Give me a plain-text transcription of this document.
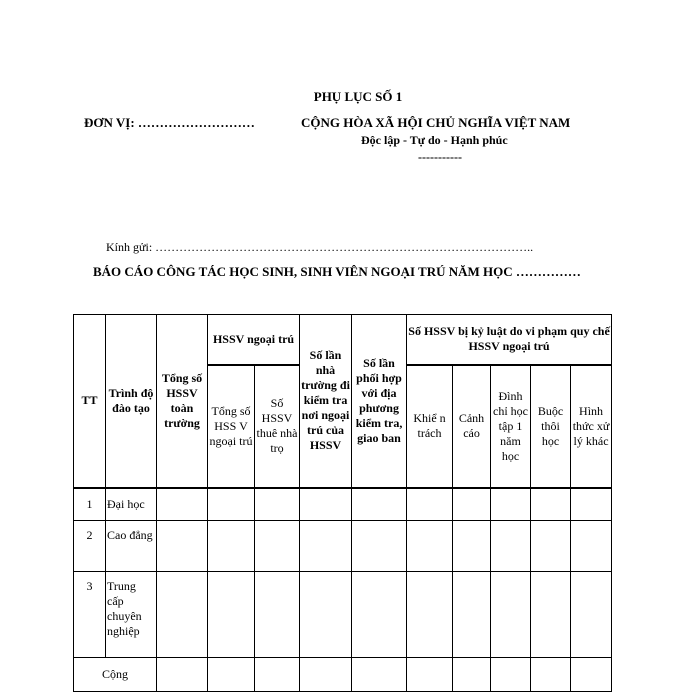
PHỤ LỤC SỐ 1
ĐƠN VỊ: ………………………	CỘNG HÒA XÃ HỘI CHỦ NGHĨA VIỆT NAM
Độc lập - Tự do - Hạnh phúc
-----------
Kính gửi: …………………………………………………………………………………..
BÁO CÁO CÔNG TÁC HỌC SINH, SINH VIÊN NGOẠI TRÚ NĂM HỌC ……………
TT	Trình độ đào tạo	Tổng số HSSV toàn trường	HSSV ngoại trú		Số lần nhà trường đi kiểm tra nơi ngoại trú của HSSV	Số lần phối hợp với địa phương kiểm tra, giao ban	Số HSSV bị kỷ luật do vi phạm quy chế HSSV ngoại trú				
			Tổng số HSS V ngoại trú	Số HSSV thuê nhà trọ			Khiể n trách	Cảnh cáo	Đình chỉ học tập 1 năm học	Buộc thôi học	Hình thức xử lý khác
1	Đại học										
2	Cao đẳng										
3	Trung cấp chuyên nghiệp										
Cộng											
